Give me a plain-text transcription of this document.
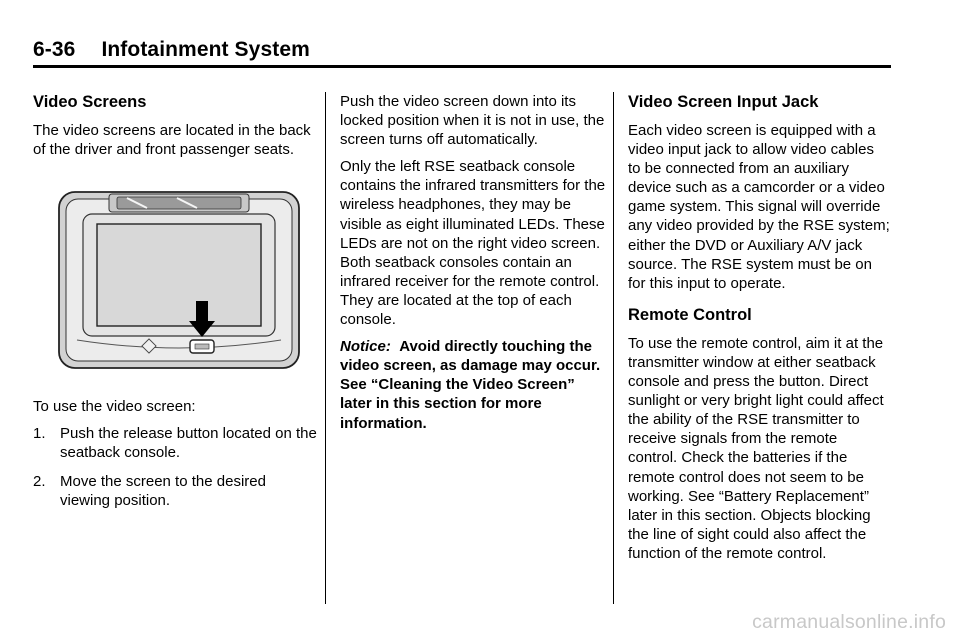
6-36 Infotainment System
Video Screens

The video screens are located in the back of the driver and front passenger seats.

To use the video screen:

1. Push the release button located on the seatback console.
2. Move the screen to the desired viewing position.

Push the video screen down into its locked position when it is not in use, the screen turns off automatically.

Only the left RSE seatback console contains the infrared transmitters for the wireless headphones, they may be visible as eight illuminated LEDs. These LEDs are not on the right video screen. Both seatback consoles contain an infrared receiver for the remote control. They are located at the top of each console.

Notice: Avoid directly touching the video screen, as damage may occur. See “Cleaning the Video Screen” later in this section for more information.

Video Screen Input Jack

Each video screen is equipped with a video input jack to allow video cables to be connected from an auxiliary device such as a camcorder or a video game system. This signal will override any video provided by the RSE system; either the DVD or Auxiliary A/V jack source. The RSE system must be on for this input to operate.

Remote Control

To use the remote control, aim it at the transmitter window at either seatback console and press the button. Direct sunlight or very bright light could affect the ability of the RSE transmitter to receive signals from the remote control. Check the batteries if the remote control does not seem to be working. See “Battery Replacement” later in this section. Objects blocking the line of sight could also affect the function of the remote control.

carmanualsonline.info
